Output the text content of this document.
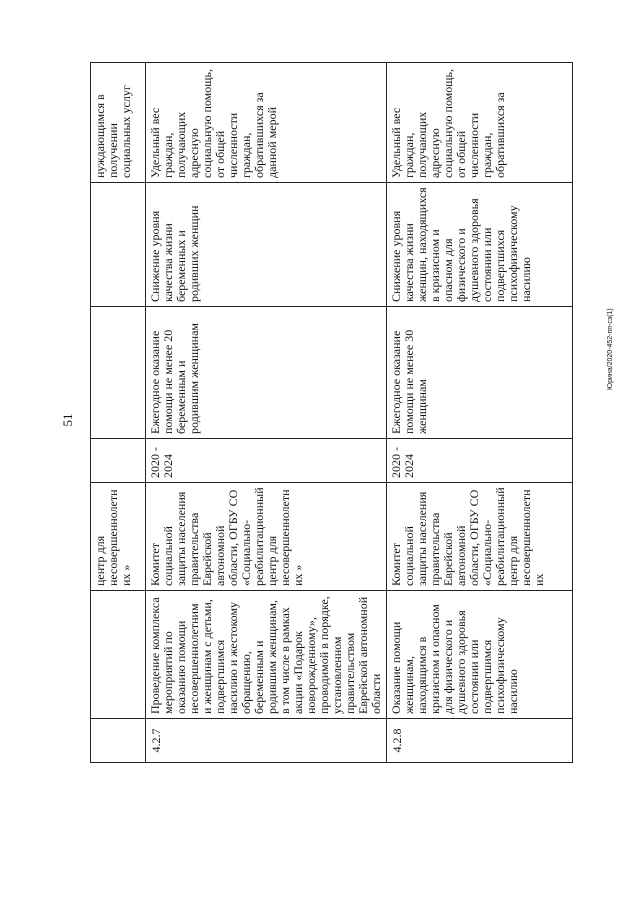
51
		центр для несовершеннолетних »				нуждающимся в получении социальных услуг
4.2.7	Проведение комплекса мероприятий по оказанию помощи несовершеннолетним и женщинам с детьми, подвергшимся насилию и жестокому обращению, беременным и родившим женщинам, в том числе в рамках акции «Подарок новорожденному», проводимой в порядке, установленном правительством Еврейской автономной области	Комитет социальной защиты населения правительства Еврейской автономной области, ОГБУ СО «Социально-реабилитационный центр для несовершеннолетних »	2020 - 2024	Ежегодное оказание помощи не менее 20 беременным и родившим женщинам	Снижение уровня качества жизни беременных и родивших женщин	Удельный вес граждан, получающих адресную социальную помощь, от общей численности граждан, обратившихся за данной мерой
4.2.8	Оказание помощи женщинам, находящимся в кризисном и опасном для физического и душевного здоровья состоянии или подвергшимся психофизическому насилию	Комитет социальной защиты населения правительства Еврейской автономной области, ОГБУ СО «Социально-реабилитационный центр для несовершеннолетних	2020 - 2024	Ежегодное оказание помощи не менее 30 женщинам	Снижение уровня качества жизни женщин, находящихся в кризисном и опасном для физического и душевного здоровья состоянии или подвергшихся психофизическому насилию	Удельный вес граждан, получающих адресную социальную помощь, от общей численности граждан, обратившихся за
Юрина/2020-452-пп-сз(1)
